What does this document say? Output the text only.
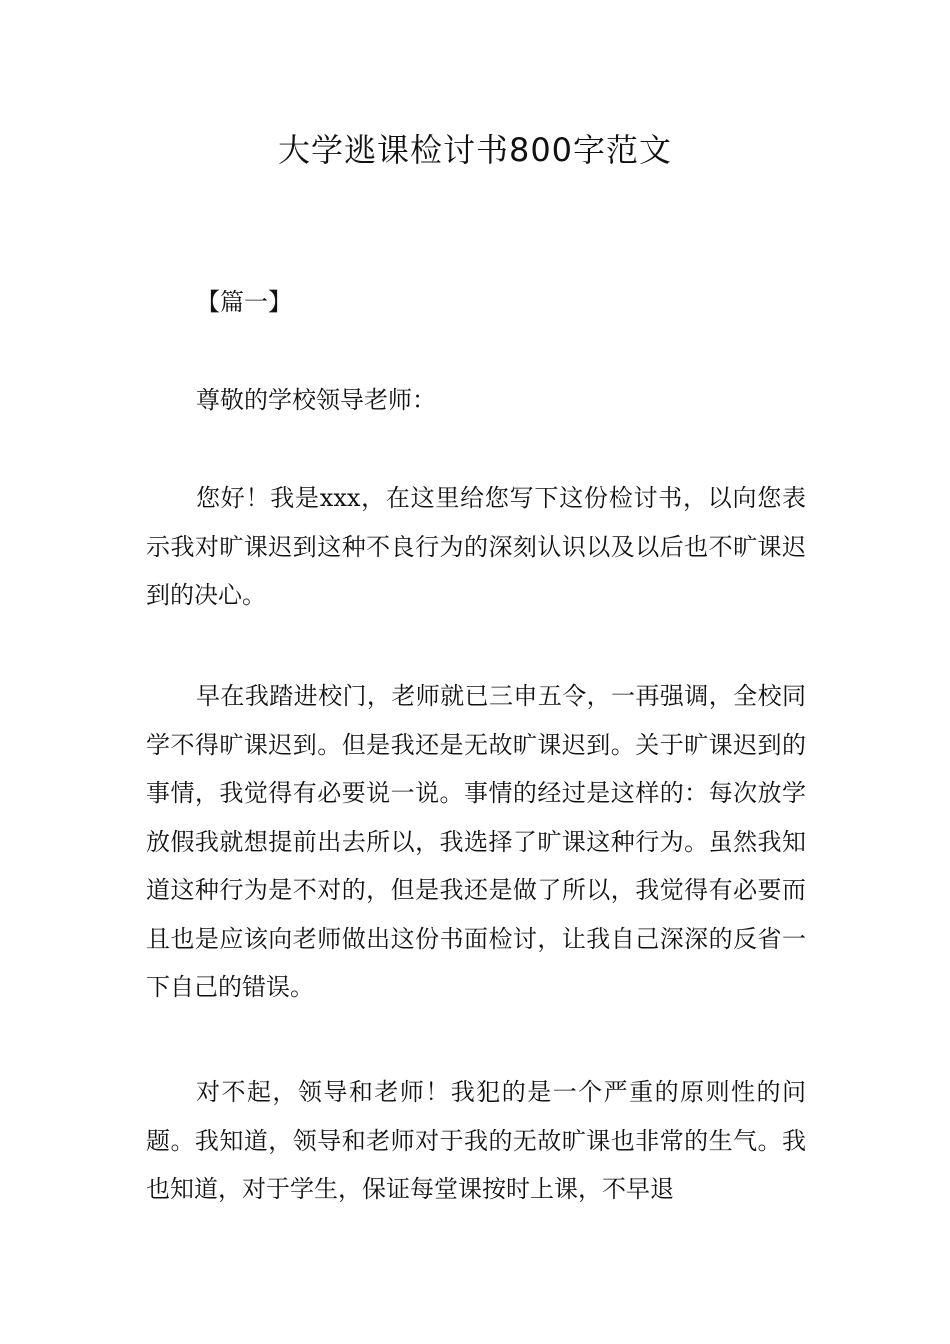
大学逃课检讨书800字范文

【篇一】

尊敬的学校领导老师：

您好！我是xxx，在这里给您写下这份检讨书，以向您表示我对旷课迟到这种不良行为的深刻认识以及以后也不旷课迟到的决心。

早在我踏进校门，老师就已三申五令，一再强调，全校同学不得旷课迟到。但是我还是无故旷课迟到。关于旷课迟到的事情，我觉得有必要说一说。事情的经过是这样的：每次放学放假我就想提前出去所以，我选择了旷课这种行为。虽然我知道这种行为是不对的，但是我还是做了所以，我觉得有必要而且也是应该向老师做出这份书面检讨，让我自己深深的反省一下自己的错误。

对不起，领导和老师！我犯的是一个严重的原则性的问题。我知道，领导和老师对于我的无故旷课也非常的生气。我也知道，对于学生，保证每堂课按时上课，不早退
